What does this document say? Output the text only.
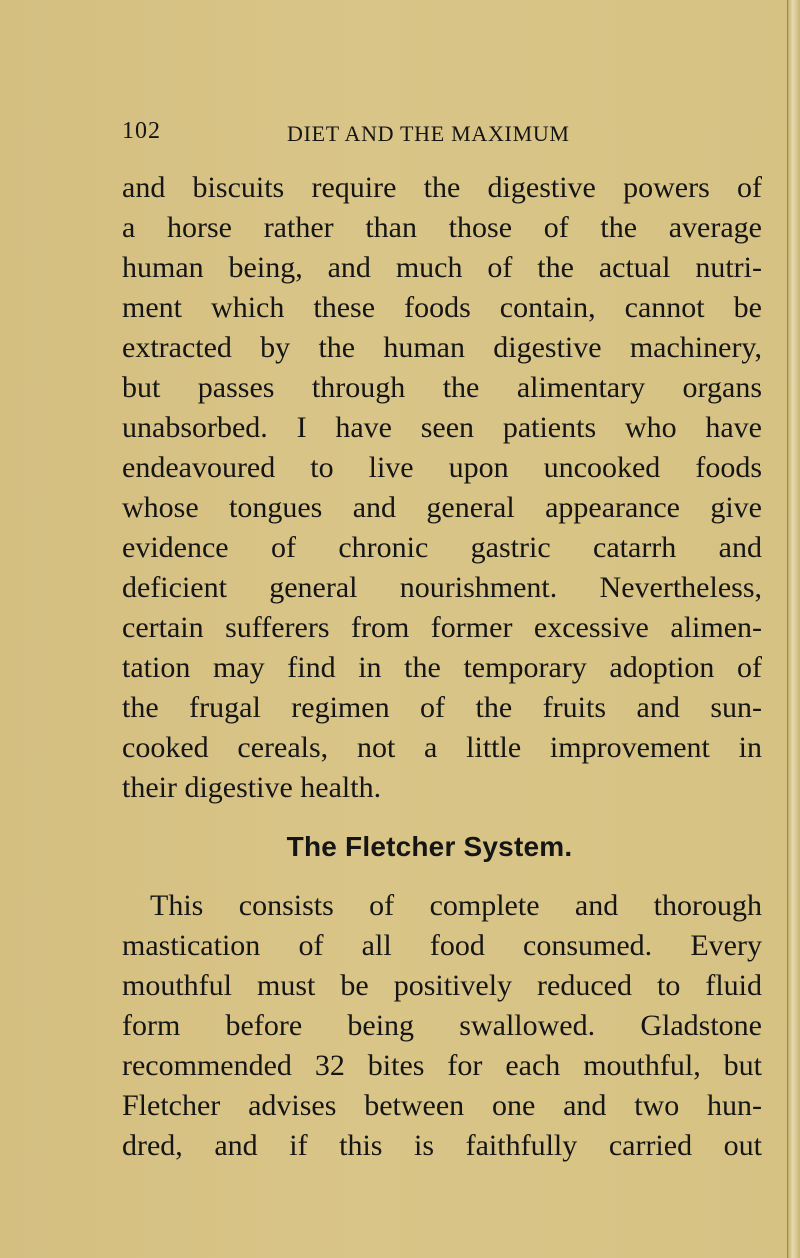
102	DIET AND THE MAXIMUM
and biscuits require the digestive powers of
a horse rather than those of the average
human being, and much of the actual nutri-
ment which these foods contain, cannot be
extracted by the human digestive machinery,
but passes through the alimentary organs
unabsorbed. I have seen patients who have
endeavoured to live upon uncooked foods
whose tongues and general appearance give
evidence of chronic gastric catarrh and
deficient general nourishment. Nevertheless,
certain sufferers from former excessive alimen-
tation may find in the temporary adoption of
the frugal regimen of the fruits and sun-
cooked cereals, not a little improvement in
their digestive health.
The Fletcher System.
This consists of complete and thorough
mastication of all food consumed. Every
mouthful must be positively reduced to fluid
form before being swallowed. Gladstone
recommended 32 bites for each mouthful, but
Fletcher advises between one and two hun-
dred, and if this is faithfully carried out
